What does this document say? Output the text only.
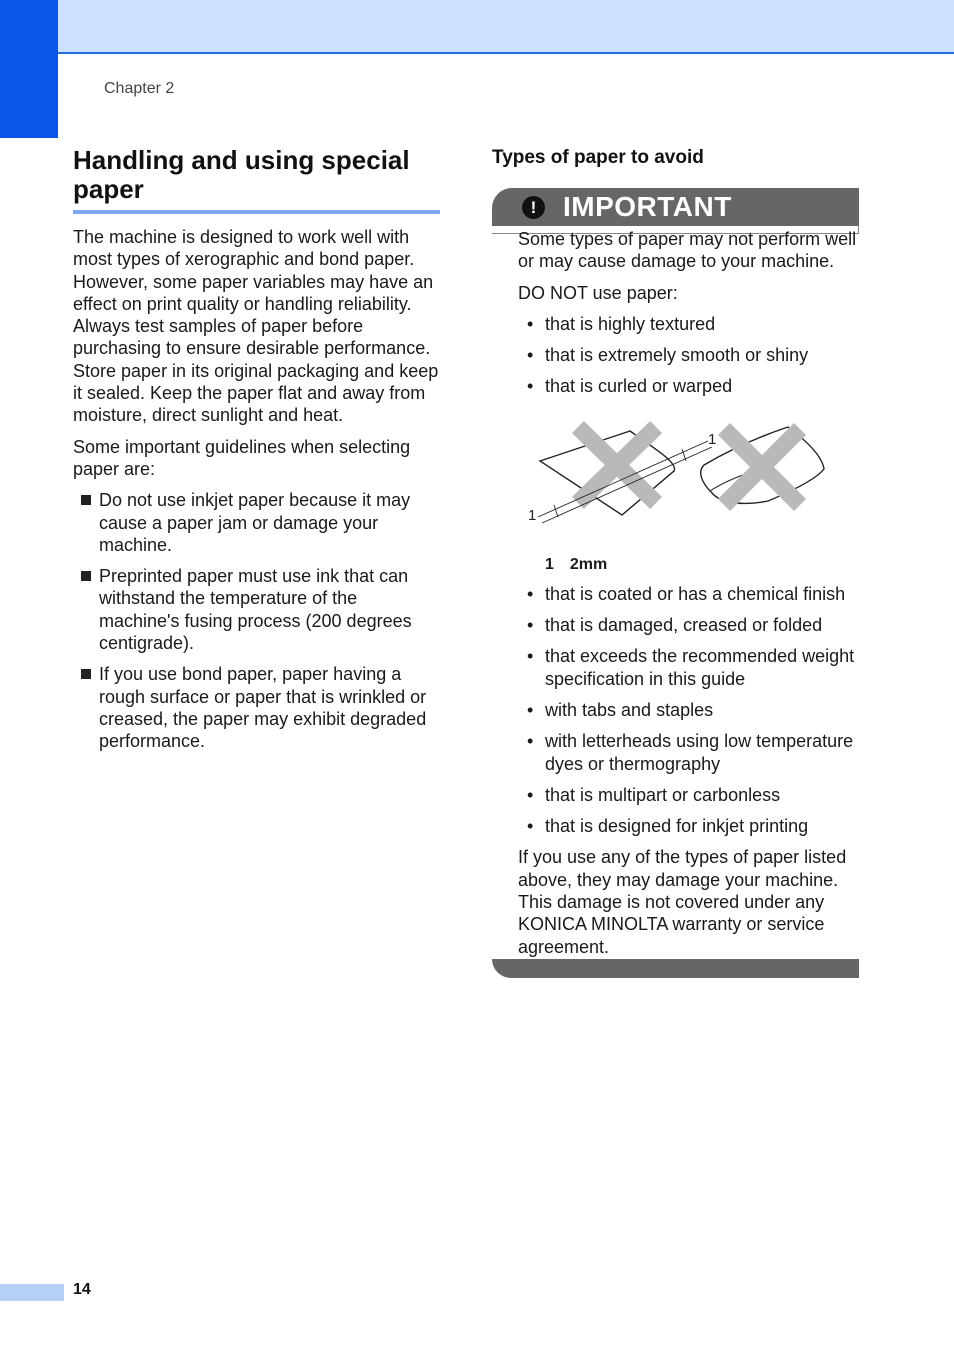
Chapter 2
Handling and using special paper

The machine is designed to work well with most types of xerographic and bond paper. However, some paper variables may have an effect on print quality or handling reliability. Always test samples of paper before purchasing to ensure desirable performance. Store paper in its original packaging and keep it sealed. Keep the paper flat and away from moisture, direct sunlight and heat.

Some important guidelines when selecting paper are:

Do not use inkjet paper because it may cause a paper jam or damage your machine.
Preprinted paper must use ink that can withstand the temperature of the machine's fusing process (200 degrees centigrade).
If you use bond paper, paper having a rough surface or paper that is wrinkled or creased, the paper may exhibit degraded performance.
Types of paper to avoid
! IMPORTANT

Some types of paper may not perform well or may cause damage to your machine.

DO NOT use paper:

• that is highly textured
• that is extremely smooth or shiny
• that is curled or warped
1
1

1 2mm

• that is coated or has a chemical finish
• that is damaged, creased or folded
• that exceeds the recommended weight specification in this guide
• with tabs and staples
• with letterheads using low temperature dyes or thermography
• that is multipart or carbonless
• that is designed for inkjet printing

If you use any of the types of paper listed above, they may damage your machine. This damage is not covered under any KONICA MINOLTA warranty or service agreement.

14
